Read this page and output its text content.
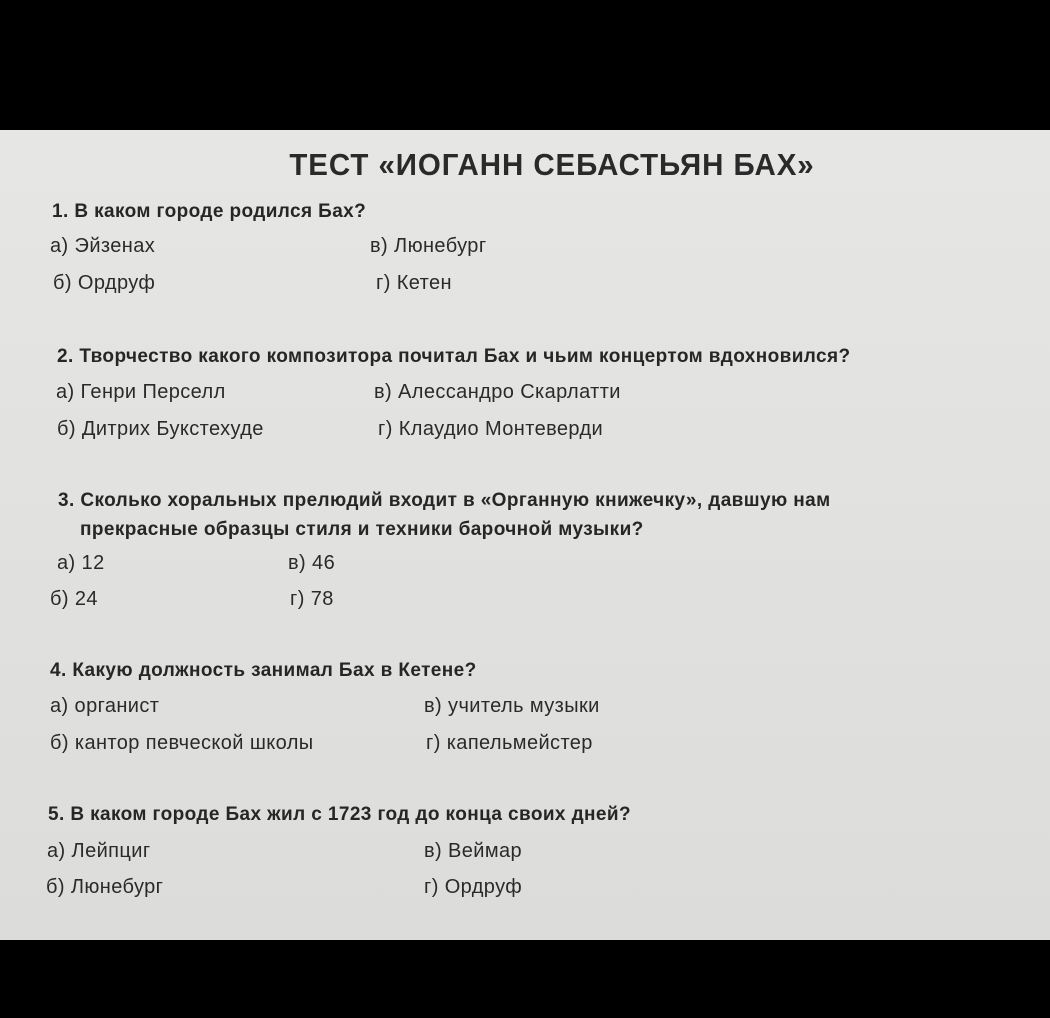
ТЕСТ «ИОГАНН СЕБАСТЬЯН БАХ»
1. В каком городе родился Бах?
а) Эйзенах	в) Люнебург
б) Ордруф	г) Кетен
2. Творчество какого композитора почитал Бах и чьим концертом вдохновился?
а) Генри Перселл	в) Алессандро Скарлатти
б) Дитрих Букстехуде	г) Клаудио Монтеверди
3. Сколько хоральных прелюдий входит в «Органную книжечку», давшую нам
прекрасные образцы стиля и техники барочной музыки?
а) 12	в) 46
б) 24	г) 78
4. Какую должность занимал Бах в Кетене?
а) органист	в) учитель музыки
б) кантор певческой школы	г) капельмейстер
5. В каком городе Бах жил с 1723 год до конца своих дней?
а) Лейпциг	в) Веймар
б) Люнебург	г) Ордруф
